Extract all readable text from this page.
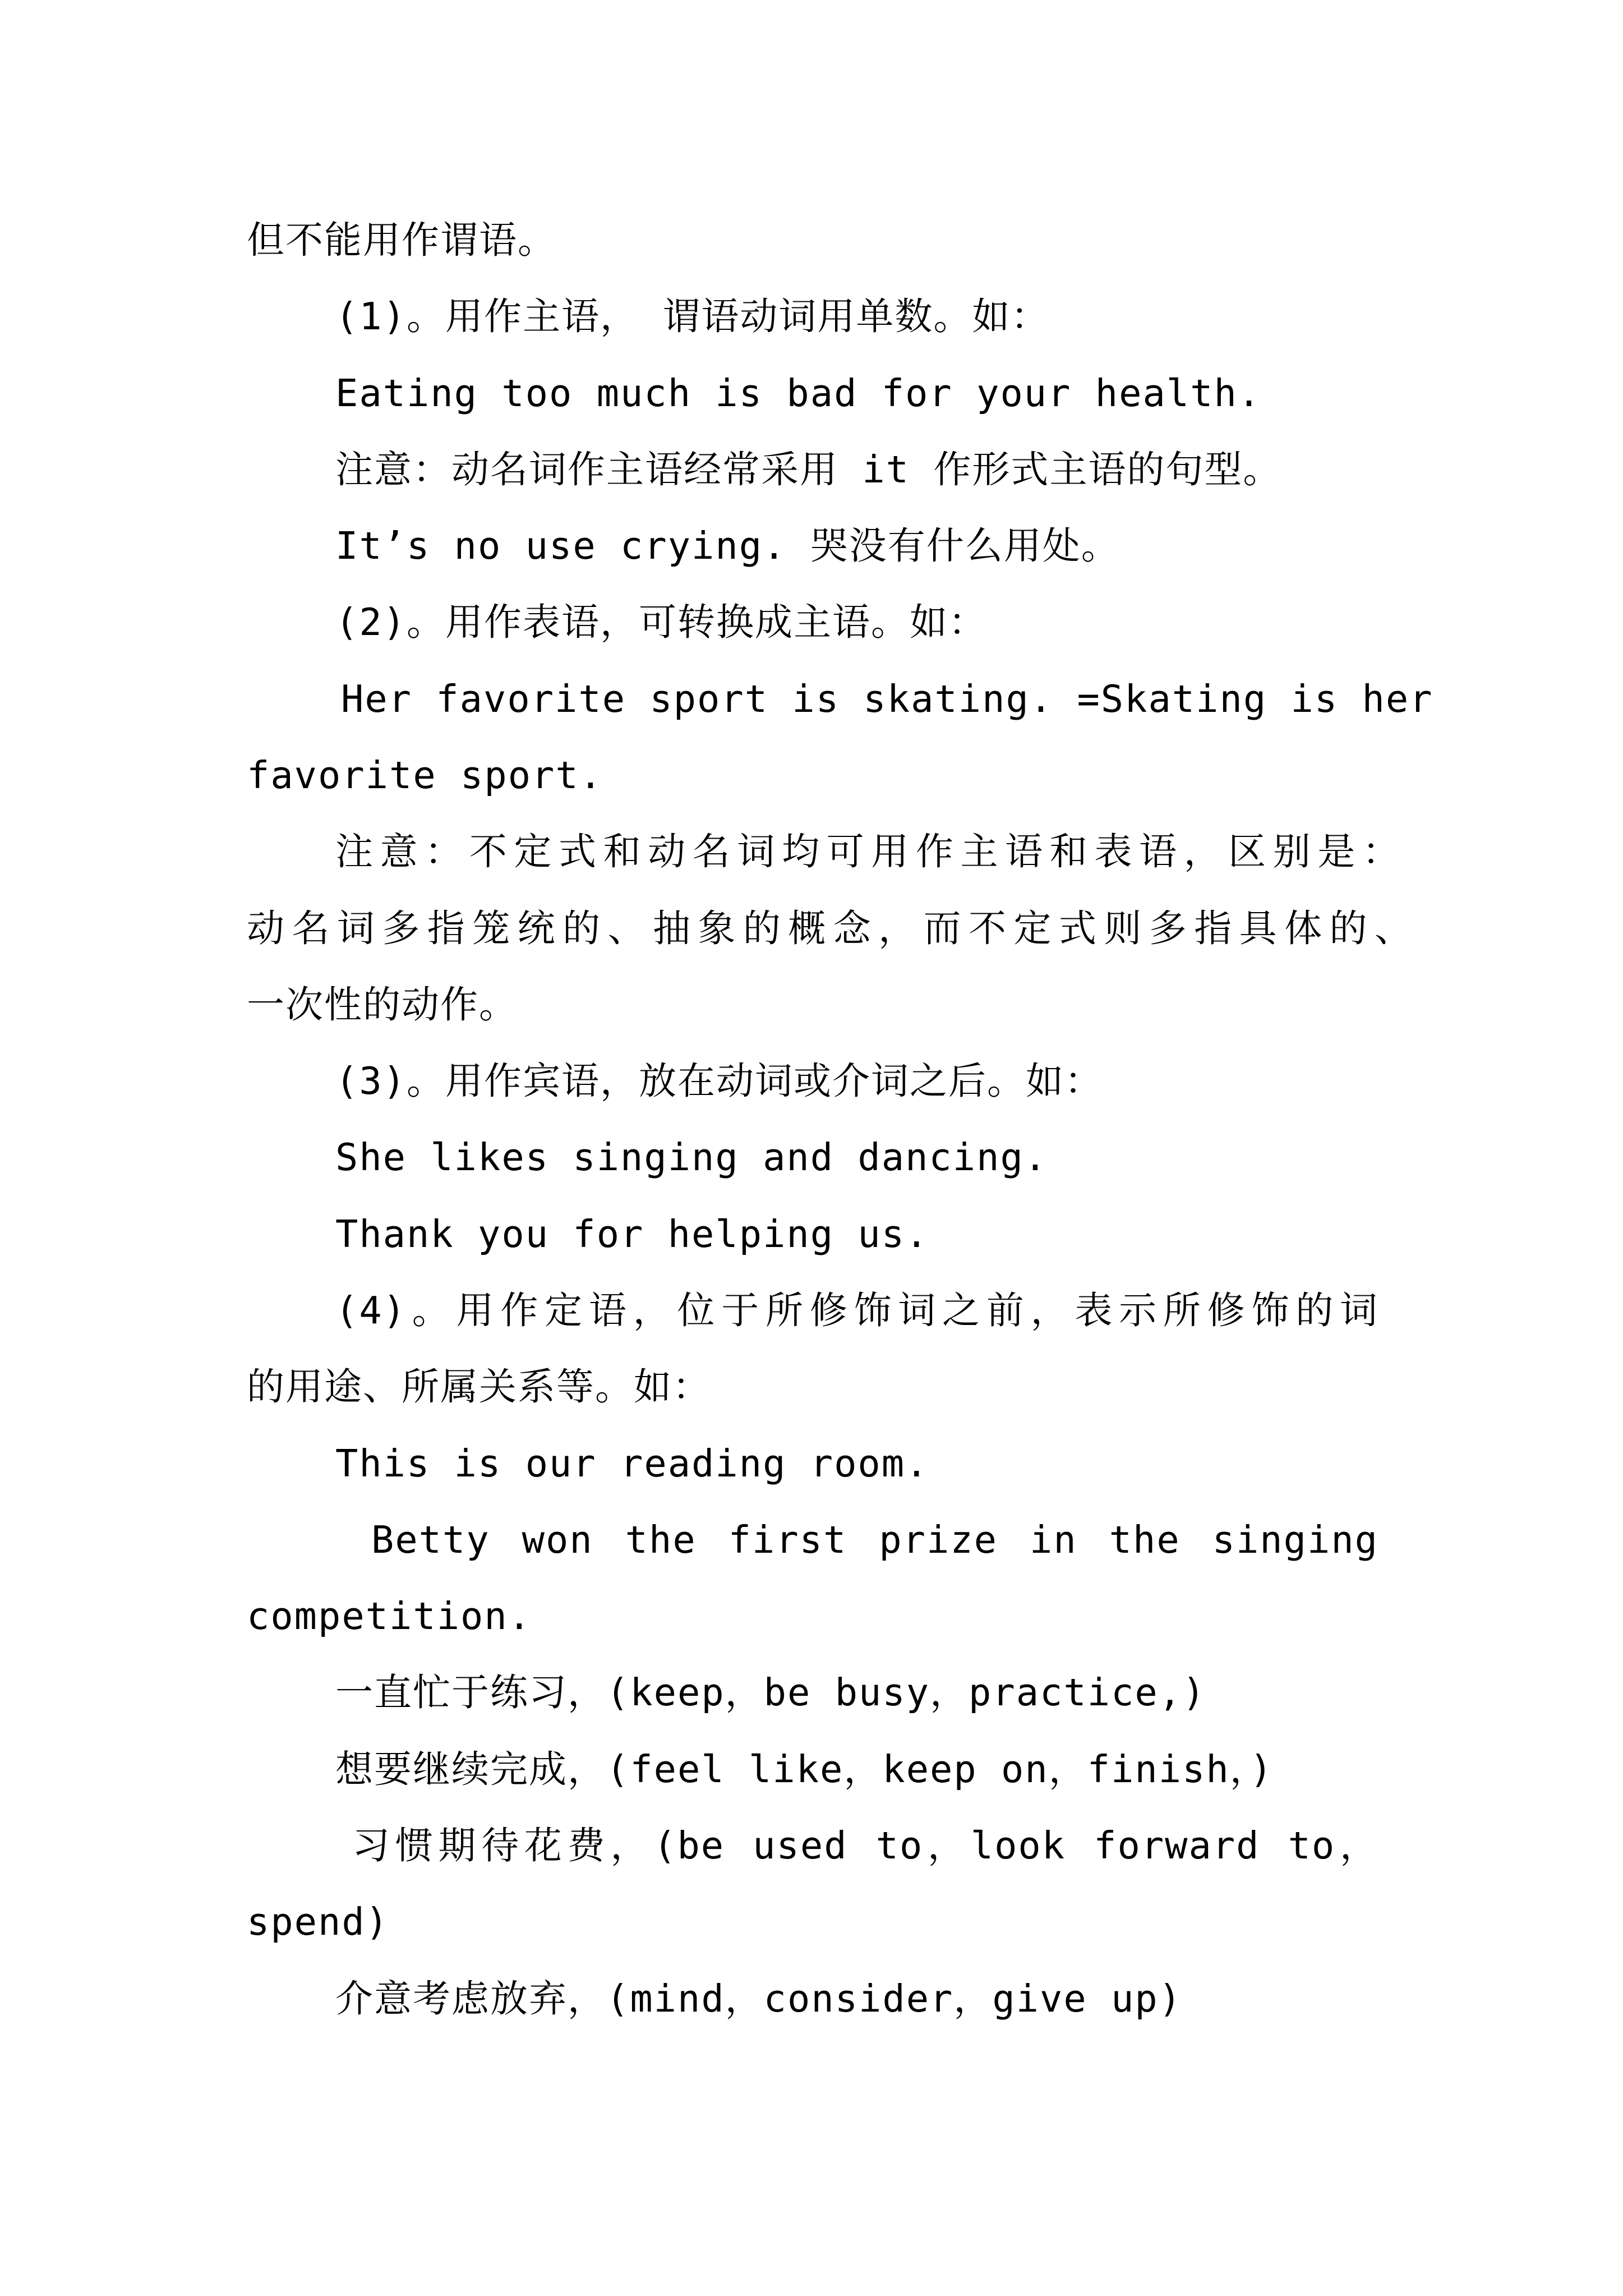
但不能用作谓语。
(1)。用作主语， 谓语动词用单数。如：
Eating too much is bad for your health.
注意：动名词作主语经常采用 it 作形式主语的句型。
It’s no use crying. 哭没有什么用处。
(2)。用作表语，可转换成主语。如：
Her favorite sport is skating. =Skating is her
favorite sport.
注意：不定式和动名词均可用作主语和表语，区别是：
动名词多指笼统的、抽象的概念，而不定式则多指具体的、
一次性的动作。
(3)。用作宾语，放在动词或介词之后。如：
She likes singing and dancing.
Thank you for helping us.
(4)。用作定语，位于所修饰词之前，表示所修饰的词
的用途、所属关系等。如：
This is our reading room.
Betty won the first prize in the singing
competition.
一直忙于练习，(keep，be busy，practice,)
想要继续完成，(feel like，keep on，finish，)
习惯期待花费，(be used to，look forward to，
spend)
介意考虑放弃，(mind，consider，give up)
